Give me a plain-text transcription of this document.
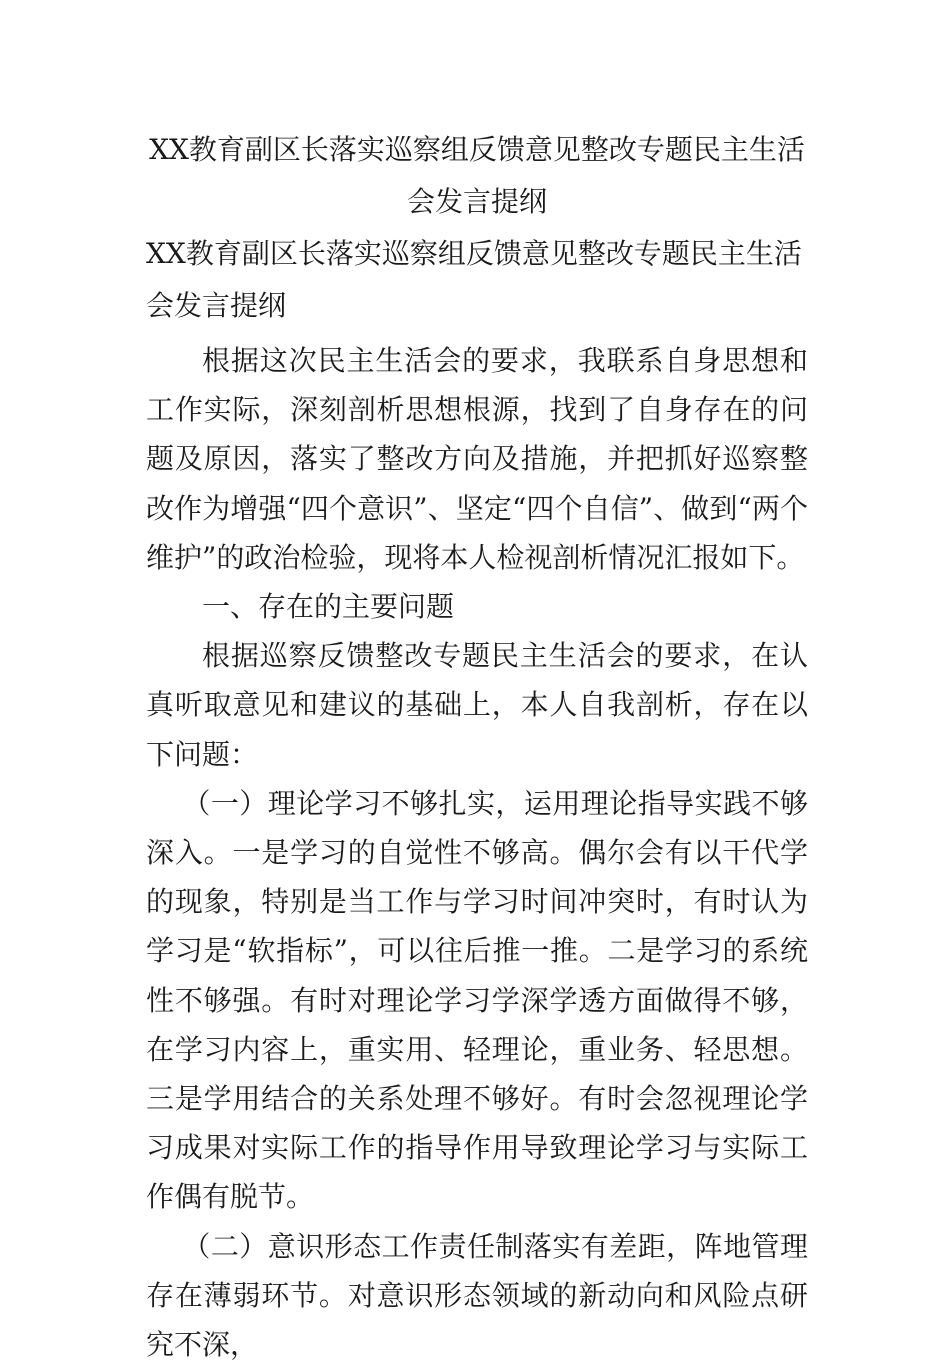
XX教育副区长落实巡察组反馈意见整改专题民主生活会发言提纲

XX教育副区长落实巡察组反馈意见整改专题民主生活会发言提纲

根据这次民主生活会的要求，我联系自身思想和工作实际，深刻剖析思想根源，找到了自身存在的问题及原因，落实了整改方向及措施，并把抓好巡察整改作为增强“四个意识”、坚定“四个自信”、做到“两个维护”的政治检验，现将本人检视剖析情况汇报如下。

一、存在的主要问题

根据巡察反馈整改专题民主生活会的要求，在认真听取意见和建议的基础上，本人自我剖析，存在以下问题：

（一）理论学习不够扎实，运用理论指导实践不够深入。一是学习的自觉性不够高。偶尔会有以干代学的现象，特别是当工作与学习时间冲突时，有时认为学习是“软指标”，可以往后推一推。二是学习的系统性不够强。有时对理论学习学深学透方面做得不够，在学习内容上，重实用、轻理论，重业务、轻思想。三是学用结合的关系处理不够好。有时会忽视理论学习成果对实际工作的指导作用导致理论学习与实际工作偶有脱节。

（二）意识形态工作责任制落实有差距，阵地管理存在薄弱环节。对意识形态领域的新动向和风险点研究不深，
